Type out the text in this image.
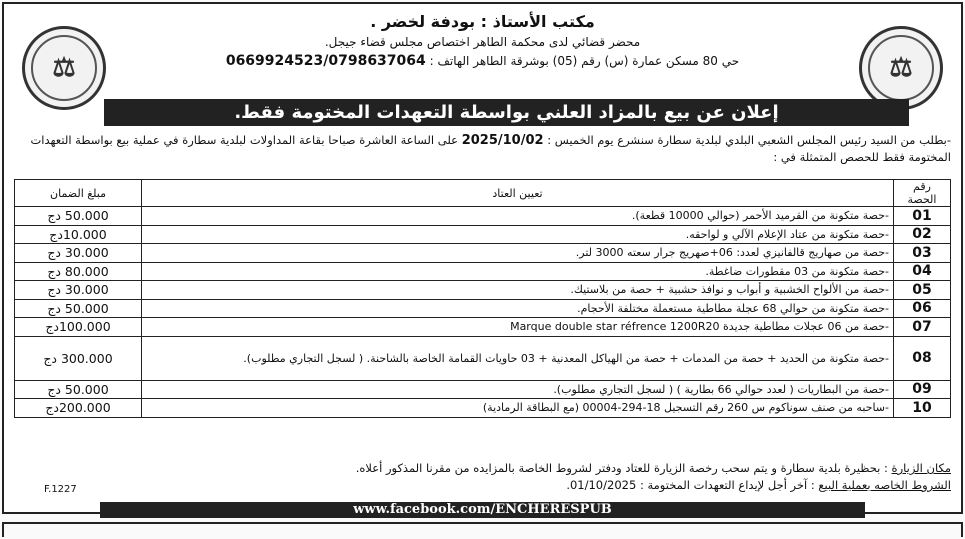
⚖	⚖
مكتب الأستاذ : بودفة لخضر .
محضر قضائي لدى محكمة الطاهر اختصاص مجلس قضاء جيجل.
حي 80 مسكن عمارة (س) رقم (05) بوشرقة الطاهر الهاتف : 0669924523/0798637064
إعلان عن بيع بالمزاد العلني بواسطة التعهدات المختومة فقط.
-بطلب من السيد رئيس المجلس الشعبي البلدي لبلدية سطارة سنشرع يوم الخميس : 2025/10/02 على الساعة العاشرة صباحا بقاعة المداولات لبلدية سطارة في عملية بيع بواسطة التعهدات المختومة فقط للحصص المتمثلة في :
رقم الحصة	تعيين العتاد	مبلغ الضمان
01	-حصة متكونة من القرميد الأحمر (حوالي 10000 قطعة).	50.000 دج
02	-حصة متكونة من عتاد الإعلام الآلي و لواحقه.	10.000دج
03	-حصة من صهاريج قالفانيزي لعدد: 06+صهريج جرار سعته 3000 لتر.	30.000 دج
04	-حصة متكونة من 03 مقطورات ضاغطة.	80.000 دج
05	-حصة من الألواح الخشبية و أبواب و نوافذ حشبية + حصة من بلاستيك.	30.000 دج
06	-حصة متكونة من حوالي 68 عجلة مطاطية مستعملة مختلفة الأحجام.	50.000 دج
07	-حصة من 06 عجلات مطاطية جديدة Marque double star réfrence 1200R20	100.000دج
08	-حصة متكونة من الحديد + حصة من المدمات + حصة من الهياكل المعدنية + 03 حاويات القمامة الخاصة بالشاحنة. ( لسجل التجاري مطلوب).	300.000 دج
09	-حصة من البطاريات ( لعدد حوالي 66 بطارية ) ( لسجل التجاري مطلوب).	50.000 دج
10	-ساحبه من صنف سوناكوم س 260 رقم التسجيل 18-294-00004 (مع البطاقة الرمادية)	200.000دج
مكان الزيارة : بحظيرة بلدية سطارة و يتم سحب رخصة الزيارة للعتاد ودفتر لشروط الخاصة بالمزايده من مقرنا المذكور أعلاه.
الشروط الخاصه بعملية البيع : آخر أجل لإيداع التعهدات المختومة : 01/10/2025.
F.1227
www.facebook.com/ENCHERESPUB
